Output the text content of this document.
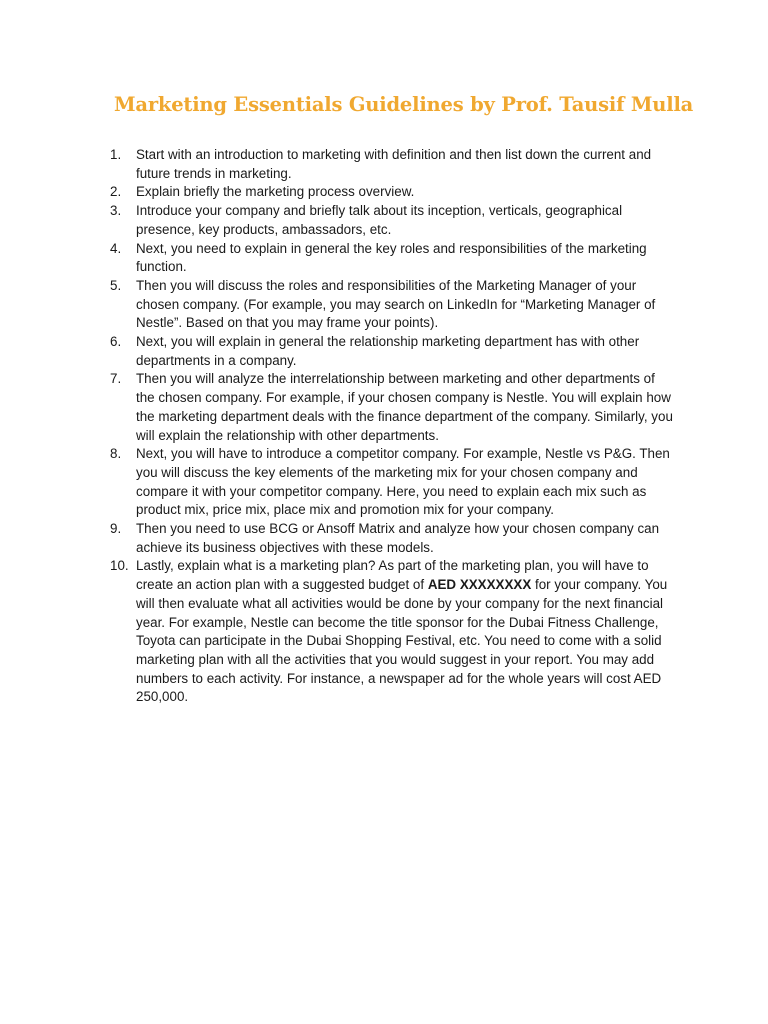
Marketing Essentials Guidelines by Prof. Tausif Mulla
1. Start with an introduction to marketing with definition and then list down the current and future trends in marketing.
2. Explain briefly the marketing process overview.
3. Introduce your company and briefly talk about its inception, verticals, geographical presence, key products, ambassadors, etc.
4. Next, you need to explain in general the key roles and responsibilities of the marketing function.
5. Then you will discuss the roles and responsibilities of the Marketing Manager of your chosen company. (For example, you may search on LinkedIn for “Marketing Manager of Nestle”. Based on that you may frame your points).
6. Next, you will explain in general the relationship marketing department has with other departments in a company.
7. Then you will analyze the interrelationship between marketing and other departments of the chosen company. For example, if your chosen company is Nestle. You will explain how the marketing department deals with the finance department of the company. Similarly, you will explain the relationship with other departments.
8. Next, you will have to introduce a competitor company. For example, Nestle vs P&G. Then you will discuss the key elements of the marketing mix for your chosen company and compare it with your competitor company. Here, you need to explain each mix such as product mix, price mix, place mix and promotion mix for your company.
9. Then you need to use BCG or Ansoff Matrix and analyze how your chosen company can achieve its business objectives with these models.
10. Lastly, explain what is a marketing plan? As part of the marketing plan, you will have to create an action plan with a suggested budget of AED XXXXXXXX for your company. You will then evaluate what all activities would be done by your company for the next financial year. For example, Nestle can become the title sponsor for the Dubai Fitness Challenge, Toyota can participate in the Dubai Shopping Festival, etc. You need to come with a solid marketing plan with all the activities that you would suggest in your report. You may add numbers to each activity. For instance, a newspaper ad for the whole years will cost AED 250,000.
